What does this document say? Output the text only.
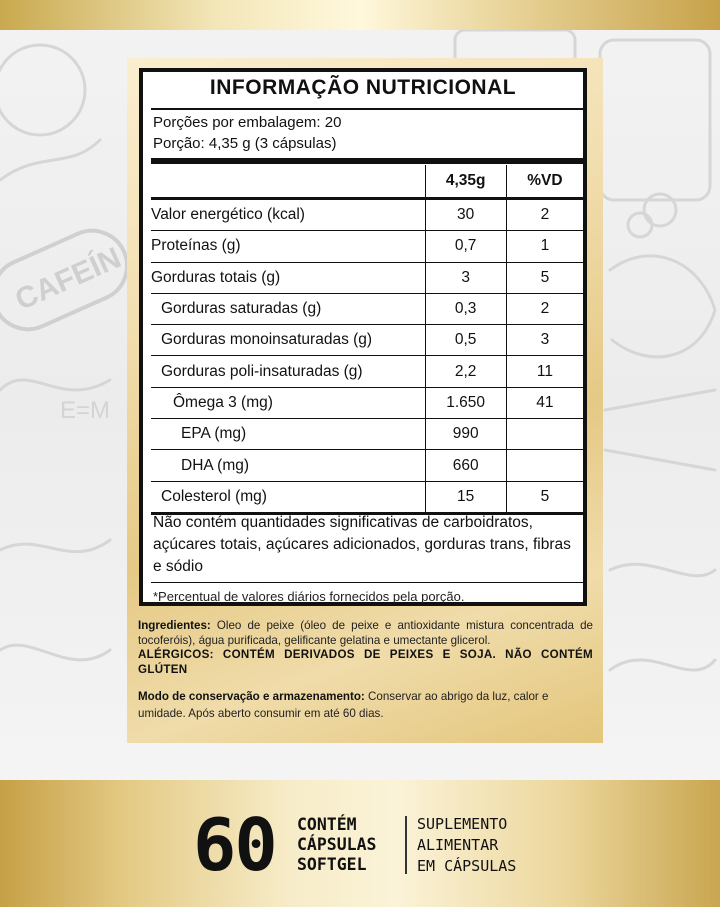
CAFEÍN
E=M
INFORMAÇÃO NUTRICIONAL
Porções por embalagem: 20
Porção: 4,35 g (3 cápsulas)
	4,35g	%VD
Valor energético (kcal)	30	2
Proteínas (g)	0,7	1
Gorduras totais (g)	3	5
Gorduras saturadas (g)	0,3	2
Gorduras monoinsaturadas (g)	0,5	3
Gorduras poli-insaturadas (g)	2,2	11
Ômega 3 (mg)	1.650	41
EPA (mg)	990	
DHA (mg)	660	
Colesterol (mg)	15	5
Não contém quantidades significativas de carboidratos, açúcares totais, açúcares adicionados, gorduras trans, fibras e sódio
*Percentual de valores diários fornecidos pela porção.
Ingredientes: Oleo de peixe (óleo de peixe e antioxidante mistura concentrada de tocoferóis), água purificada, gelificante gelatina e umectante glicerol.
ALÉRGICOS: CONTÉM DERIVADOS DE PEIXES E SOJA. NÃO CONTÉM GLÚTEN
Modo de conservação e armazenamento: Conservar ao abrigo da luz, calor e umidade. Após aberto consumir em até 60 dias.
60 CONTÉM
CÁPSULAS
SOFTGEL
SUPLEMENTO
ALIMENTAR
EM CÁPSULAS
